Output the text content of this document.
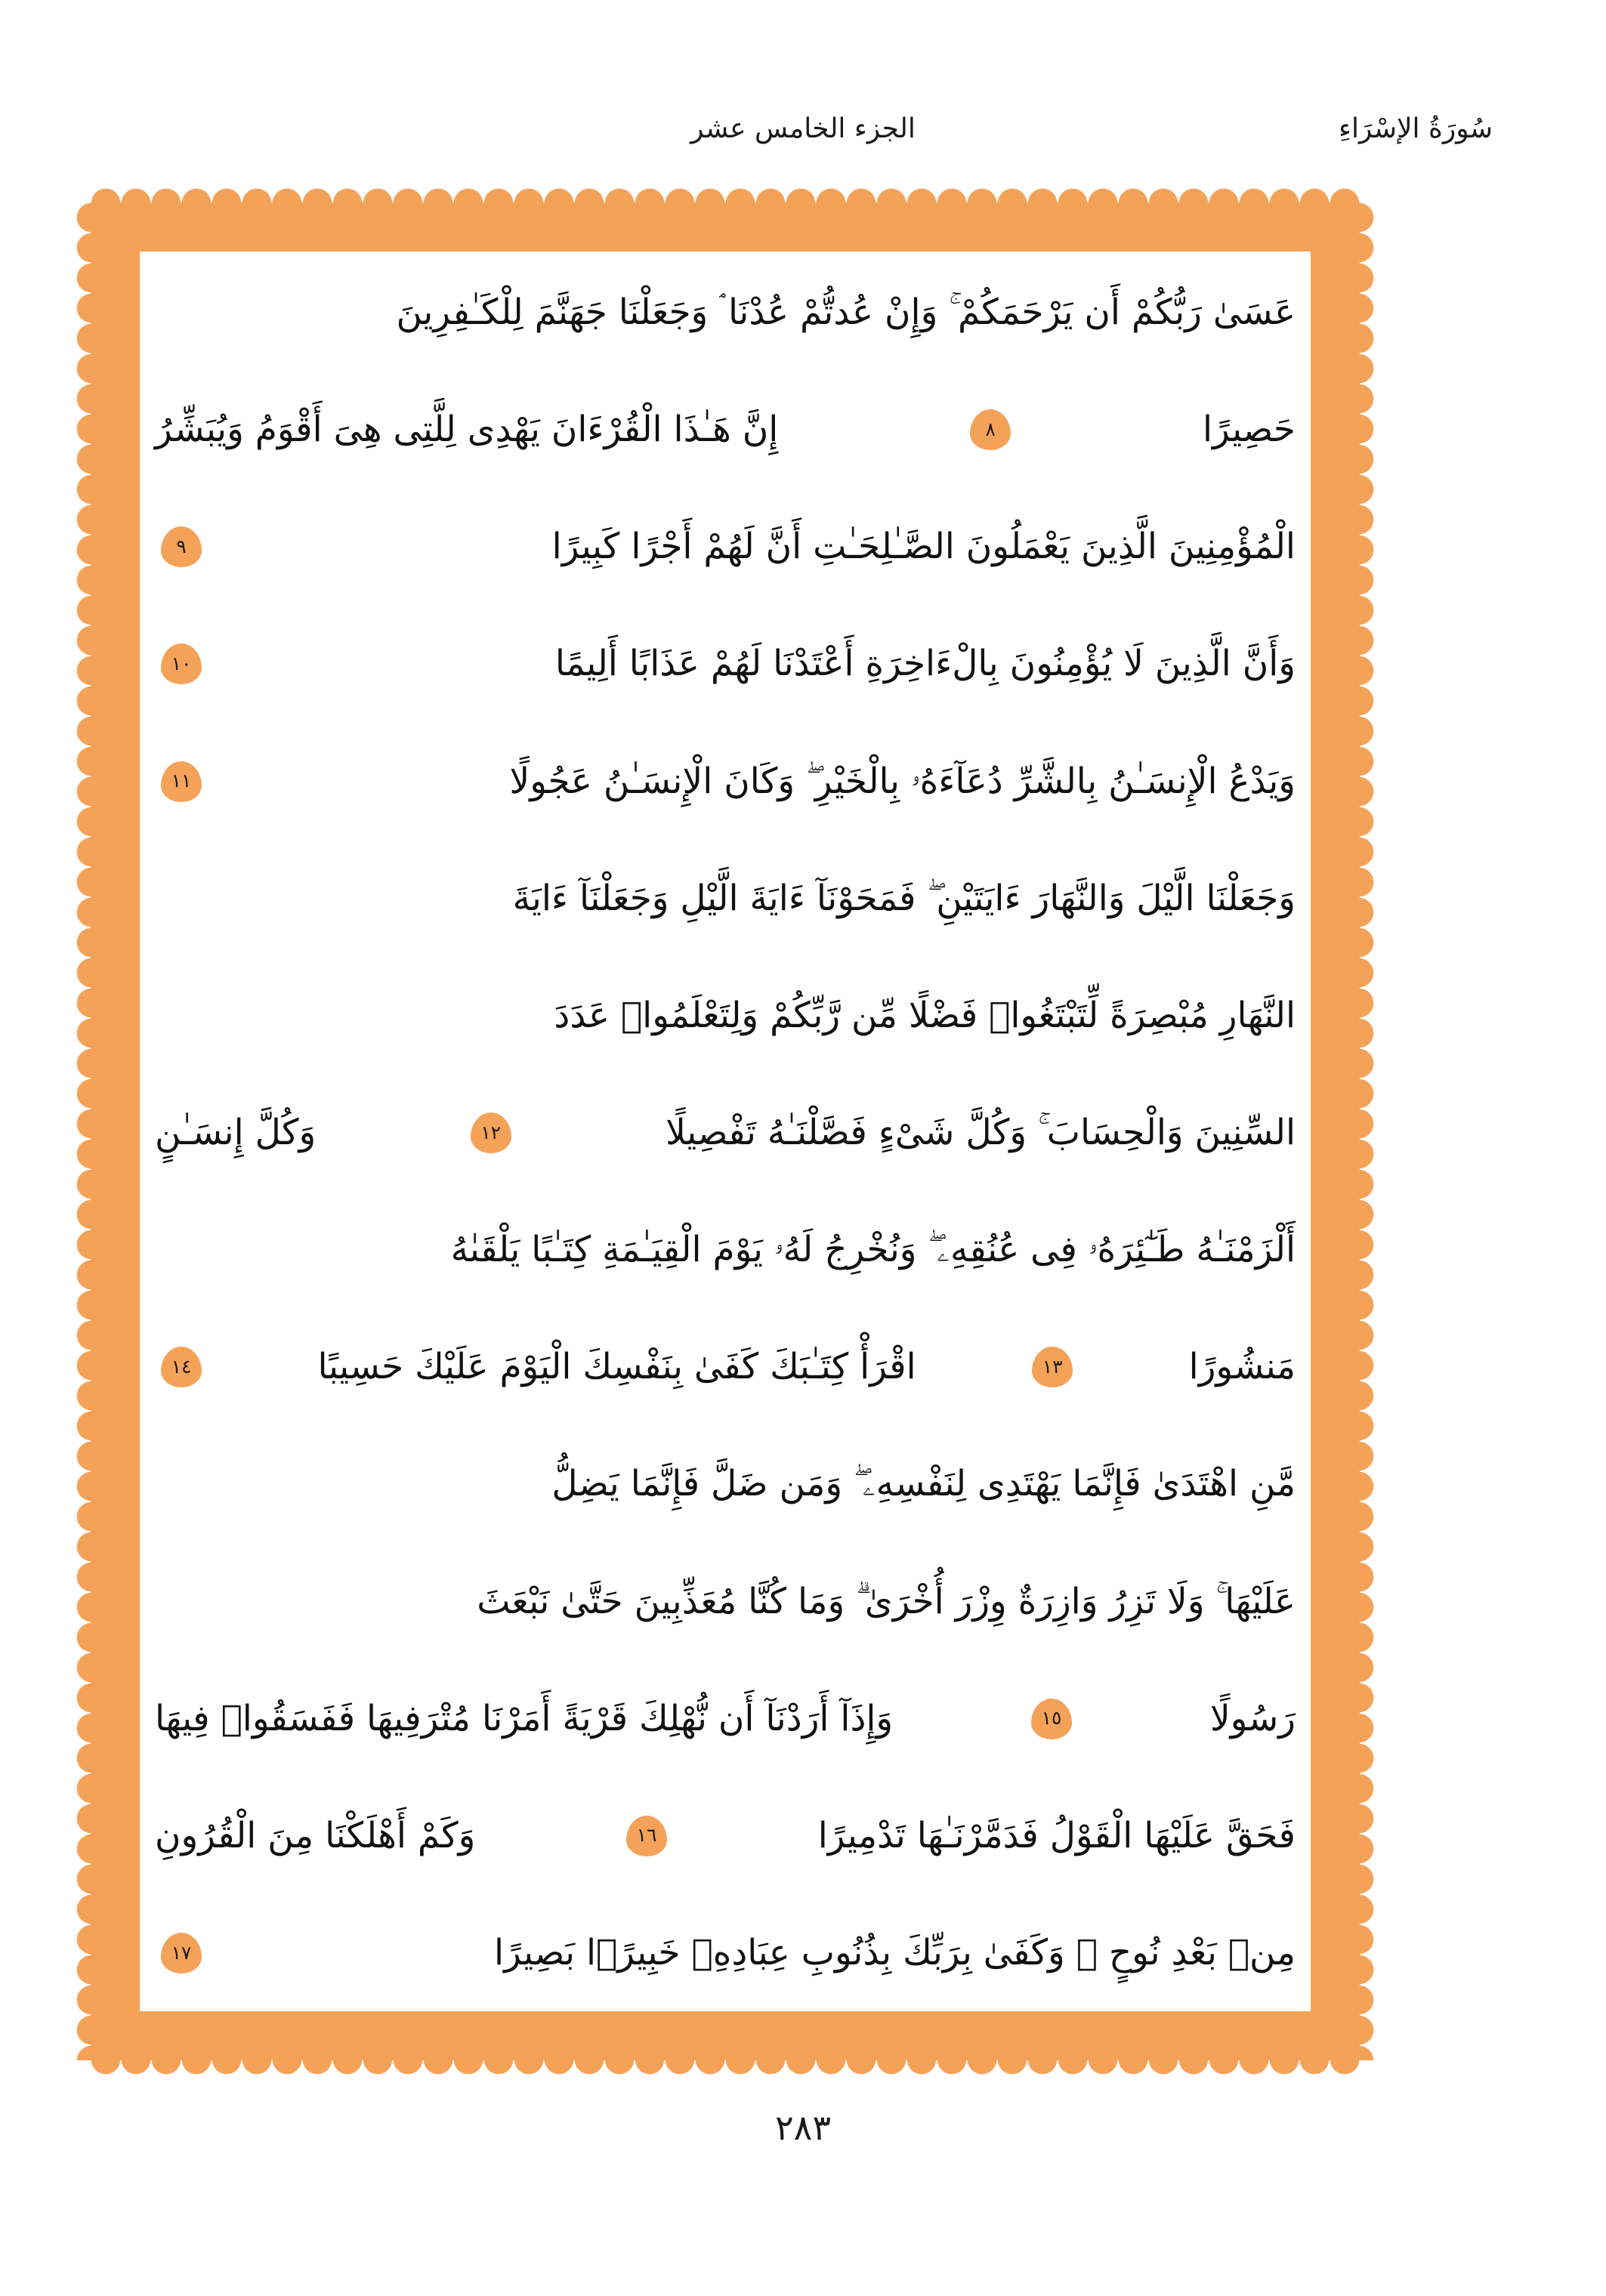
الجزء الخامس عشر	سُورَةُ الإسْرَاءِ
عَسَىٰ رَبُّكُمْ أَن يَرْحَمَكُمْ ۚ وَإِنْ عُدتُّمْ عُدْنَا ۘ وَجَعَلْنَا جَهَنَّمَ لِلْكَـٰفِرِينَ
حَصِيرًا
٨
إِنَّ هَـٰذَا الْقُرْءَانَ يَهْدِى لِلَّتِى هِىَ أَقْوَمُ وَيُبَشِّرُ
الْمُؤْمِنِينَ الَّذِينَ يَعْمَلُونَ الصَّـٰلِحَـٰتِ أَنَّ لَهُمْ أَجْرًا كَبِيرًا
٩
وَأَنَّ الَّذِينَ لَا يُؤْمِنُونَ بِالْءَاخِرَةِ أَعْتَدْنَا لَهُمْ عَذَابًا أَلِيمًا
١٠
وَيَدْعُ الْإِنسَـٰنُ بِالشَّرِّ دُعَآءَهُۥ بِالْخَيْرِ ۖ وَكَانَ الْإِنسَـٰنُ عَجُولًا
١١
وَجَعَلْنَا الَّيْلَ وَالنَّهَارَ ءَايَتَيْنِ ۖ فَمَحَوْنَآ ءَايَةَ الَّيْلِ وَجَعَلْنَآ ءَايَةَ
النَّهَارِ مُبْصِرَةً لِّتَبْتَغُوا۟ فَضْلًا مِّن رَّبِّكُمْ وَلِتَعْلَمُوا۟ عَدَدَ
السِّنِينَ وَالْحِسَابَ ۚ وَكُلَّ شَىْءٍ فَصَّلْنَـٰهُ تَفْصِيلًا
١٢
وَكُلَّ إِنسَـٰنٍ
أَلْزَمْنَـٰهُ طَـٰٓئِرَهُۥ فِى عُنُقِهِۦ ۖ وَنُخْرِجُ لَهُۥ يَوْمَ الْقِيَـٰمَةِ كِتَـٰبًا يَلْقَىٰهُ
مَنشُورًا
١٣
اقْرَأْ كِتَـٰبَكَ كَفَىٰ بِنَفْسِكَ الْيَوْمَ عَلَيْكَ حَسِيبًا
١٤
مَّنِ اهْتَدَىٰ فَإِنَّمَا يَهْتَدِى لِنَفْسِهِۦ ۖ وَمَن ضَلَّ فَإِنَّمَا يَضِلُّ
عَلَيْهَا ۚ وَلَا تَزِرُ وَازِرَةٌ وِزْرَ أُخْرَىٰ ۗ وَمَا كُنَّا مُعَذِّبِينَ حَتَّىٰ نَبْعَثَ
رَسُولًا
١٥
وَإِذَآ أَرَدْنَآ أَن نُّهْلِكَ قَرْيَةً أَمَرْنَا مُتْرَفِيهَا فَفَسَقُوا۟ فِيهَا
فَحَقَّ عَلَيْهَا الْقَوْلُ فَدَمَّرْنَـٰهَا تَدْمِيرًا
١٦
وَكَمْ أَهْلَكْنَا مِنَ الْقُرُونِ
مِنۢ بَعْدِ نُوحٍ ۗ وَكَفَىٰ بِرَبِّكَ بِذُنُوبِ عِبَادِهِۦ خَبِيرًۢا بَصِيرًا
١٧
٢٨٣
